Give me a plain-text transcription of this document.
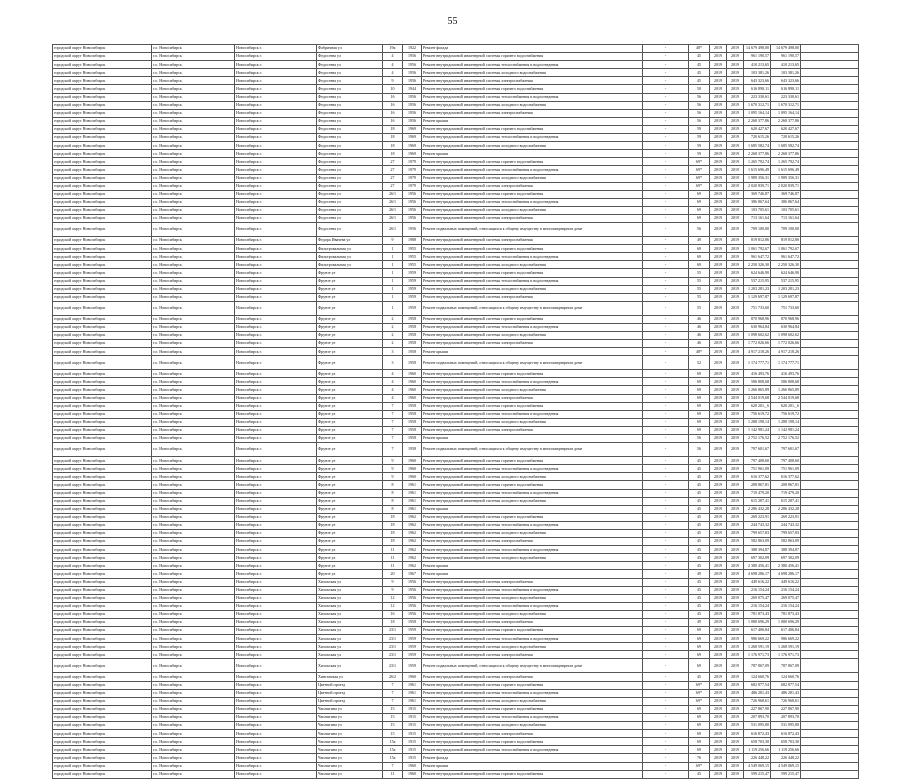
55
городской округ Новосибирск	г.о. Новосибирск	Новосибирск г.	Фабричная ул	19к	1922	Ремонт фасада	-	48*	2019	2019	14 679 498,00	14 679 498,00	
городской округ Новосибирск	г.о. Новосибирск	Новосибирск г.	Федосеева ул	4	1956	Ремонт внутридомовой инженерной системы горячего водоснабжения	-	45	2019	2019	961 190,57	961 190,57	
городской округ Новосибирск	г.о. Новосибирск	Новосибирск г.	Федосеева ул	4	1956	Ремонт внутридомовой инженерной системы теплоснабжения и водоотведения	-	45	2019	2019	410 213,65	410 213,65	
городской округ Новосибирск	г.о. Новосибирск	Новосибирск г.	Федосеева ул	4	1956	Ремонт внутридомовой инженерной системы холодного водоснабжения	-	45	2019	2019	103 381,26	103 381,26	
городской округ Новосибирск	г.о. Новосибирск	Новосибирск г.	Федосеева ул	9	1956	Ремонт внутридомовой инженерной системы электроснабжения	-	45	2019	2019	643 323,66	643 323,66	
городской округ Новосибирск	г.о. Новосибирск	Новосибирск г.	Федосеева ул	10	1944	Ремонт внутридомовой инженерной системы горячего водоснабжения	-	50	2019	2019	616 898,11	616 898,11	
городской округ Новосибирск	г.о. Новосибирск	Новосибирск г.	Федосеева ул	16	1956	Ремонт внутридомовой инженерной системы теплоснабжения и водоотведения	-	56	2019	2019	223 330,61	223 330,61	
городской округ Новосибирск	г.о. Новосибирск	Новосибирск г.	Федосеева ул	16	1956	Ремонт внутридомовой инженерной системы холодного водоснабжения	-	56	2019	2019	1 670 312,71	1 670 312,71	
городской округ Новосибирск	г.о. Новосибирск	Новосибирск г.	Федосеева ул	16	1956	Ремонт внутридомовой инженерной системы электроснабжения	-	56	2019	2019	1 095 164,14	1 095 164,14	
городской округ Новосибирск	г.о. Новосибирск	Новосибирск г.	Федосеева ул	16	1956	Ремонт крыши	-	56	2019	2019	2 268 377,86	2 268 377,86	
городской округ Новосибирск	г.о. Новосибирск	Новосибирск г.	Федосеева ул	18	1969	Ремонт внутридомовой инженерной системы горячего водоснабжения	-	59	2019	2019	620 427,67	620 427,67	
городской округ Новосибирск	г.о. Новосибирск	Новосибирск г.	Федосеева ул	18	1969	Ремонт внутридомовой инженерной системы теплоснабжения и водоотведения	-	59	2019	2019	720 615,26	720 615,26	
городской округ Новосибирск	г.о. Новосибирск	Новосибирск г.	Федосеева ул	18	1969	Ремонт внутридомовой инженерной системы холодного водоснабжения	-	59	2019	2019	1 685 582,74	1 685 582,74	
городской округ Новосибирск	г.о. Новосибирск	Новосибирск г.	Федосеева ул	18	1969	Ремонт крыши	-	59	2019	2019	2 268 377,86	2 268 377,86	
городской округ Новосибирск	г.о. Новосибирск	Новосибирск г.	Федосеева ул	27	1979	Ремонт внутридомовой инженерной системы горячего водоснабжения	-	69*	2019	2019	1 265 792,74	1 265 792,74	
городской округ Новосибирск	г.о. Новосибирск	Новосибирск г.	Федосеева ул	27	1979	Ремонт внутридомовой инженерной системы теплоснабжения и водоотведения	-	69*	2019	2019	1 615 696,49	1 615 696,49	
городской округ Новосибирск	г.о. Новосибирск	Новосибирск г.	Федосеева ул	27	1979	Ремонт внутридомовой инженерной системы холодного водоснабжения	-	69*	2019	2019	1 989 356,31	1 989 356,31	
городской округ Новосибирск	г.о. Новосибирск	Новосибирск г.	Федосеева ул	27	1979	Ремонт внутридомовой инженерной системы электроснабжения	-	69*	2019	2019	2 020 839,71	2 020 839,71	
городской округ Новосибирск	г.о. Новосибирск	Новосибирск г.	Федосеева ул	26/1	1956	Ремонт внутридомовой инженерной системы горячего водоснабжения	-	69	2019	2019	369 746,87	369 746,87	
городской округ Новосибирск	г.о. Новосибирск	Новосибирск г.	Федосеева ул	26/1	1956	Ремонт внутридомовой инженерной системы теплоснабжения и водоотведения	-	69	2019	2019	386 867,64	386 867,64	
городской округ Новосибирск	г.о. Новосибирск	Новосибирск г.	Федосеева ул	26/1	1956	Ремонт внутридомовой инженерной системы холодного водоснабжения	-	69	2019	2019	103 705,61	103 705,61	
городской округ Новосибирск	г.о. Новосибирск	Новосибирск г.	Федосеева ул	26/1	1956	Ремонт внутридомовой инженерной системы электроснабжения	-	69	2019	2019	713 161,64	713 161,64	
городской округ Новосибирск	г.о. Новосибирск	Новосибирск г.	Федосеева ул	26/1	1956	Ремонт подвальных помещений, относящихся к общему имуществу в многоквартирном доме	-	56	2019	2019	709 100,00	709 100,00	
городской округ Новосибирск	г.о. Новосибирск	Новосибирск г.	Федора Ивачева ул	9	1988	Ремонт внутридомовой инженерной системы электроснабжения	-	49	2019	2019	819 812,86	819 812,86	
городской округ Новосибирск	г.о. Новосибирск	Новосибирск г.	Фильтровальная ул	1	1955	Ремонт внутридомовой инженерной системы горячего водоснабжения	-	69	2019	2019	1 061 792,67	1 061 792,67	
городской округ Новосибирск	г.о. Новосибирск	Новосибирск г.	Фильтровальная ул	1	1955	Ремонт внутридомовой инженерной системы теплоснабжения и водоотведения	-	69	2019	2019	961 647,72	961 647,72	
городской округ Новосибирск	г.о. Новосибирск	Новосибирск г.	Фильтровальная ул	1	1955	Ремонт внутридомовой инженерной системы холодного водоснабжения	-	69	2019	2019	2 250 326,30	2 250 326,30	
городской округ Новосибирск	г.о. Новосибирск	Новосибирск г.	Фрунзе ул	1	1959	Ремонт внутридомовой инженерной системы горячего водоснабжения	-	55	2019	2019	624 646,90	624 646,90	
городской округ Новосибирск	г.о. Новосибирск	Новосибирск г.	Фрунзе ул	1	1959	Ремонт внутридомовой инженерной системы теплоснабжения и водоотведения	-	55	2019	2019	537 215,95	537 215,95	
городской округ Новосибирск	г.о. Новосибирск	Новосибирск г.	Фрунзе ул	1	1959	Ремонт внутридомовой инженерной системы холодного водоснабжения	-	55	2019	2019	1 203 281,23	1 203 281,23	
городской округ Новосибирск	г.о. Новосибирск	Новосибирск г.	Фрунзе ул	1	1959	Ремонт внутридомовой инженерной системы электроснабжения	-	55	2019	2019	1 129 697,87	1 129 697,87	
городской округ Новосибирск	г.о. Новосибирск	Новосибирск г.	Фрунзе ул	1	1959	Ремонт подвальных помещений, относящихся к общему имуществу в многоквартирном доме	-	55	2019	2019	751 733,60	751 733,60	
городской округ Новосибирск	г.о. Новосибирск	Новосибирск г.	Фрунзе ул	2	1958	Ремонт внутридомовой инженерной системы горячего водоснабжения	-	46	2019	2019	870 968,96	870 968,96	
городской округ Новосибирск	г.о. Новосибирск	Новосибирск г.	Фрунзе ул	2	1958	Ремонт внутридомовой инженерной системы теплоснабжения и водоотведения	-	46	2019	2019	630 964,84	630 964,84	
городской округ Новосибирск	г.о. Новосибирск	Новосибирск г.	Фрунзе ул	2	1958	Ремонт внутридомовой инженерной системы холодного водоснабжения	-	46	2019	2019	1 098 602,62	1 098 602,62	
городской округ Новосибирск	г.о. Новосибирск	Новосибирск г.	Фрунзе ул	2	1958	Ремонт внутридомовой инженерной системы электроснабжения	-	46	2019	2019	1 772 026,66	1 772 026,66	
городской округ Новосибирск	г.о. Новосибирск	Новосибирск г.	Фрунзе ул	3	1958	Ремонт крыши	-	48*	2019	2019	4 917 218,26	4 917 218,26	
городской округ Новосибирск	г.о. Новосибирск	Новосибирск г.	Фрунзе ул	3	1958	Ремонт подвальных помещений, относящихся к общему имуществу в многоквартирном доме	-	52	2019	2019	1 174 777,71	1 174 777,71	
городской округ Новосибирск	г.о. Новосибирск	Новосибирск г.	Фрунзе ул	4	1960	Ремонт внутридомовой инженерной системы горячего водоснабжения	-	69	2019	2019	416 493,76	416 493,76	
городской округ Новосибирск	г.о. Новосибирск	Новосибирск г.	Фрунзе ул	4	1960	Ремонт внутридомовой инженерной системы теплоснабжения и водоотведения	-	69	2019	2019	586 808,68	586 808,68	
городской округ Новосибирск	г.о. Новосибирск	Новосибирск г.	Фрунзе ул	4	1960	Ремонт внутридомовой инженерной системы холодного водоснабжения	-	69	2019	2019	1 266 865,89	1 266 865,89	
городской округ Новосибирск	г.о. Новосибирск	Новосибирск г.	Фрунзе ул	4	1960	Ремонт внутридомовой инженерной системы электроснабжения	-	69	2019	2019	2 544 019,68	2 544 019,68	
городской округ Новосибирск	г.о. Новосибирск	Новосибирск г.	Фрунзе ул	7	1958	Ремонт внутридомовой инженерной системы горячего водоснабжения	-	69	2019	2019	620 201,_6	620 201,_6	
городской округ Новосибирск	г.о. Новосибирск	Новосибирск г.	Фрунзе ул	7	1958	Ремонт внутридомовой инженерной системы теплоснабжения и водоотведения	-	69	2019	2019	756 619,72	756 619,72	
городской округ Новосибирск	г.о. Новосибирск	Новосибирск г.	Фрунзе ул	7	1958	Ремонт внутридомовой инженерной системы холодного водоснабжения	-	69	2019	2019	1 288 198,14	1 288 198,14	
городской округ Новосибирск	г.о. Новосибирск	Новосибирск г.	Фрунзе ул	7	1958	Ремонт внутридомовой инженерной системы электроснабжения	-	69	2019	2019	1 142 981,24	1 142 981,24	
городской округ Новосибирск	г.о. Новосибирск	Новосибирск г.	Фрунзе ул	7	1958	Ремонт крыши	-	56	2019	2019	2 752 176,52	2 752 176,52	
городской округ Новосибирск	г.о. Новосибирск	Новосибирск г.	Фрунзе ул	7	1958	Ремонт подвальных помещений, относящихся к общему имуществу в многоквартирном доме	-	56	2019	2019	797 601,67	797 601,67	
городской округ Новосибирск	г.о. Новосибирск	Новосибирск г.	Фрунзе ул	9	1960	Ремонт внутридомовой инженерной системы горячего водоснабжения	-	45	2019	2019	797 408,60	797 408,60	
городской округ Новосибирск	г.о. Новосибирск	Новосибирск г.	Фрунзе ул	9	1960	Ремонт внутридомовой инженерной системы теплоснабжения и водоотведения	-	45	2019	2019	751 961,09	751 961,09	
городской округ Новосибирск	г.о. Новосибирск	Новосибирск г.	Фрунзе ул	9	1960	Ремонт внутридомовой инженерной системы холодного водоснабжения	-	45	2019	2019	616 377,62	616 377,62	
городской округ Новосибирск	г.о. Новосибирск	Новосибирск г.	Фрунзе ул	8	1961	Ремонт внутридомовой инженерной системы горячего водоснабжения	-	45	2019	2019	208 867,81	208 867,81	
городской округ Новосибирск	г.о. Новосибирск	Новосибирск г.	Фрунзе ул	8	1961	Ремонт внутридомовой инженерной системы теплоснабжения и водоотведения	-	45	2019	2019	719 479,20	719 479,20	
городской округ Новосибирск	г.о. Новосибирск	Новосибирск г.	Фрунзе ул	8	1961	Ремонт внутридомовой инженерной системы холодного водоснабжения	-	45	2019	2019	615 287,41	615 287,41	
городской округ Новосибирск	г.о. Новосибирск	Новосибирск г.	Фрунзе ул	8	1961	Ремонт крыши	-	45	2019	2019	2 286 432,28	2 286 432,28	
городской округ Новосибирск	г.о. Новосибирск	Новосибирск г.	Фрунзе ул	18	1962	Ремонт внутридомовой инженерной системы горячего водоснабжения	-	45	2019	2019	269 223,91	269 223,91	
городской округ Новосибирск	г.о. Новосибирск	Новосибирск г.	Фрунзе ул	18	1962	Ремонт внутридомовой инженерной системы теплоснабжения и водоотведения	-	45	2019	2019	244 743,32	244 743,32	
городской округ Новосибирск	г.о. Новосибирск	Новосибирск г.	Фрунзе ул	18	1962	Ремонт внутридомовой инженерной системы холодного водоснабжения	-	45	2019	2019	799 657,83	799 657,83	
городской округ Новосибирск	г.о. Новосибирск	Новосибирск г.	Фрунзе ул	18	1962	Ремонт внутридомовой инженерной системы электроснабжения	-	45	2019	2019	582 863,09	582 863,09	
городской округ Новосибирск	г.о. Новосибирск	Новосибирск г.	Фрунзе ул	11	1962	Ремонт внутридомовой инженерной системы теплоснабжения и водоотведения	-	45	2019	2019	388 394,87	388 394,87	
городской округ Новосибирск	г.о. Новосибирск	Новосибирск г.	Фрунзе ул	11	1962	Ремонт внутридомовой инженерной системы холодного водоснабжения	-	45	2019	2019	697 302,09	697 302,09	
городской округ Новосибирск	г.о. Новосибирск	Новосибирск г.	Фрунзе ул	11	1962	Ремонт крыши	-	45	2019	2019	2 380 456,41	2 380 456,41	
городской округ Новосибирск	г.о. Новосибирск	Новосибирск г.	Фрунзе ул	20	1967	Ремонт крыши	-	49	2019	2019	4 698 286,17	4 698 286,17	
городской округ Новосибирск	г.о. Новосибирск	Новосибирск г.	Хилокская ул	9	1956	Ремонт внутридомовой инженерной системы электроснабжения	-	45	2019	2019	449 616,22	449 616,22	
городской округ Новосибирск	г.о. Новосибирск	Новосибирск г.	Хилокская ул	9	1956	Ремонт внутридомовой инженерной системы теплоснабжения и водоотведения	-	45	2019	2019	216 154,24	216 154,24	
городской округ Новосибирск	г.о. Новосибирск	Новосибирск г.	Хилокская ул	12	1956	Ремонт внутридомовой инженерной системы холодного водоснабжения	-	45	2019	2019	269 075,47	269 075,47	
городской округ Новосибирск	г.о. Новосибирск	Новосибирск г.	Хилокская ул	12	1956	Ремонт внутридомовой инженерной системы теплоснабжения и водоотведения	-	45	2019	2019	216 154,24	216 154,24	
городской округ Новосибирск	г.о. Новосибирск	Новосибирск г.	Хилокская ул	16	1956	Ремонт внутридомовой инженерной системы холодного водоснабжения	-	45	2019	2019	781 873,43	781 873,43	
городской округ Новосибирск	г.о. Новосибирск	Новосибирск г.	Хилокская ул	18	1958	Ремонт внутридомовой инженерной системы электроснабжения	-	49	2019	2019	1 080 696,29	1 080 696,29	
городской округ Новосибирск	г.о. Новосибирск	Новосибирск г.	Хилокская ул	23/1	1959	Ремонт внутридомовой инженерной системы горячего водоснабжения	-	69	2019	2019	617 406,84	617 406,84	
городской округ Новосибирск	г.о. Новосибирск	Новосибирск г.	Хилокская ул	23/1	1959	Ремонт внутридомовой инженерной системы теплоснабжения и водоотведения	-	69	2019	2019	986 669,22	986 669,22	
городской округ Новосибирск	г.о. Новосибирск	Новосибирск г.	Хилокская ул	23/1	1959	Ремонт внутридомовой инженерной системы холодного водоснабжения	-	69	2019	2019	1 268 591,19	1 268 591,19	
городской округ Новосибирск	г.о. Новосибирск	Новосибирск г.	Хилокская ул	23/1	1959	Ремонт внутридомовой инженерной системы электроснабжения	-	69	2019	2019	1 176 971,73	1 176 971,73	
городской округ Новосибирск	г.о. Новосибирск	Новосибирск г.	Хилокская ул	23/1	1959	Ремонт подвальных помещений, относящихся к общему имуществу в многоквартирном доме	-	69	2019	2019	787 867,09	787 867,09	
городской округ Новосибирск	г.о. Новосибирск	Новосибирск г.	Хинганская ул	26/2	1960	Ремонт внутридомовой инженерной системы электроснабжения	-	45	2019	2019	124 660,76	124 660,76	
городской округ Новосибирск	г.о. Новосибирск	Новосибирск г.	Цветной проезд	7	1961	Ремонт внутридомовой инженерной системы горячего водоснабжения	-	69*	2019	2019	682 877,54	682 877,54	
городской округ Новосибирск	г.о. Новосибирск	Новосибирск г.	Цветной проезд	7	1961	Ремонт внутридомовой инженерной системы теплоснабжения и водоотведения	-	69*	2019	2019	486 281,43	486 281,43	
городской округ Новосибирск	г.о. Новосибирск	Новосибирск г.	Цветной проезд	7	1961	Ремонт внутридомовой инженерной системы холодного водоснабжения	-	69*	2019	2019	726 968,61	726 968,61	
городской округ Новосибирск	г.о. Новосибирск	Новосибирск г.	Чаплыгина ул	15	1915	Ремонт внутридомовой инженерной системы горячего водоснабжения	-	69	2019	2019	227 867,90	227 867,90	
городской округ Новосибирск	г.о. Новосибирск	Новосибирск г.	Чаплыгина ул	15	1915	Ремонт внутридомовой инженерной системы теплоснабжения и водоотведения	-	69	2019	2019	207 893,70	207 893,70	
городской округ Новосибирск	г.о. Новосибирск	Новосибирск г.	Чаплыгина ул	15	1915	Ремонт внутридомовой инженерной системы холодного водоснабжения	-	69	2019	2019	531 095,80	531 095,80	
городской округ Новосибирск	г.о. Новосибирск	Новосибирск г.	Чаплыгина ул	15	1915	Ремонт внутридомовой инженерной системы электроснабжения	-	69	2019	2019	616 872,43	616 872,43	
городской округ Новосибирск	г.о. Новосибирск	Новосибирск г.	Чаплыгина ул	15а	1915	Ремонт внутридомовой инженерной системы горячего водоснабжения	-	69	2019	2019	658 703,30	658 703,30	
городской округ Новосибирск	г.о. Новосибирск	Новосибирск г.	Чаплыгина ул	15а	1915	Ремонт внутридомовой инженерной системы теплоснабжения и водоотведения	-	69	2019	2019	1 119 256,66	1 119 256,66	
городской округ Новосибирск	г.о. Новосибирск	Новосибирск г.	Чаплыгина ул	15а	1915	Ремонт фасада	-	76	2019	2019	226 448,22	226 448,22	
городской округ Новосибирск	г.о. Новосибирск	Новосибирск г.	Чаплыгина ул	7	1960	Ремонт крыши	-	69*	2019	2019	4 549 069,15	4 549 069,15	
городской округ Новосибирск	г.о. Новосибирск	Новосибирск г.	Чаплыгина ул	11	1960	Ремонт внутридомовой инженерной системы горячего водоснабжения	-	45	2019	2019	599 215,47	599 215,47	
